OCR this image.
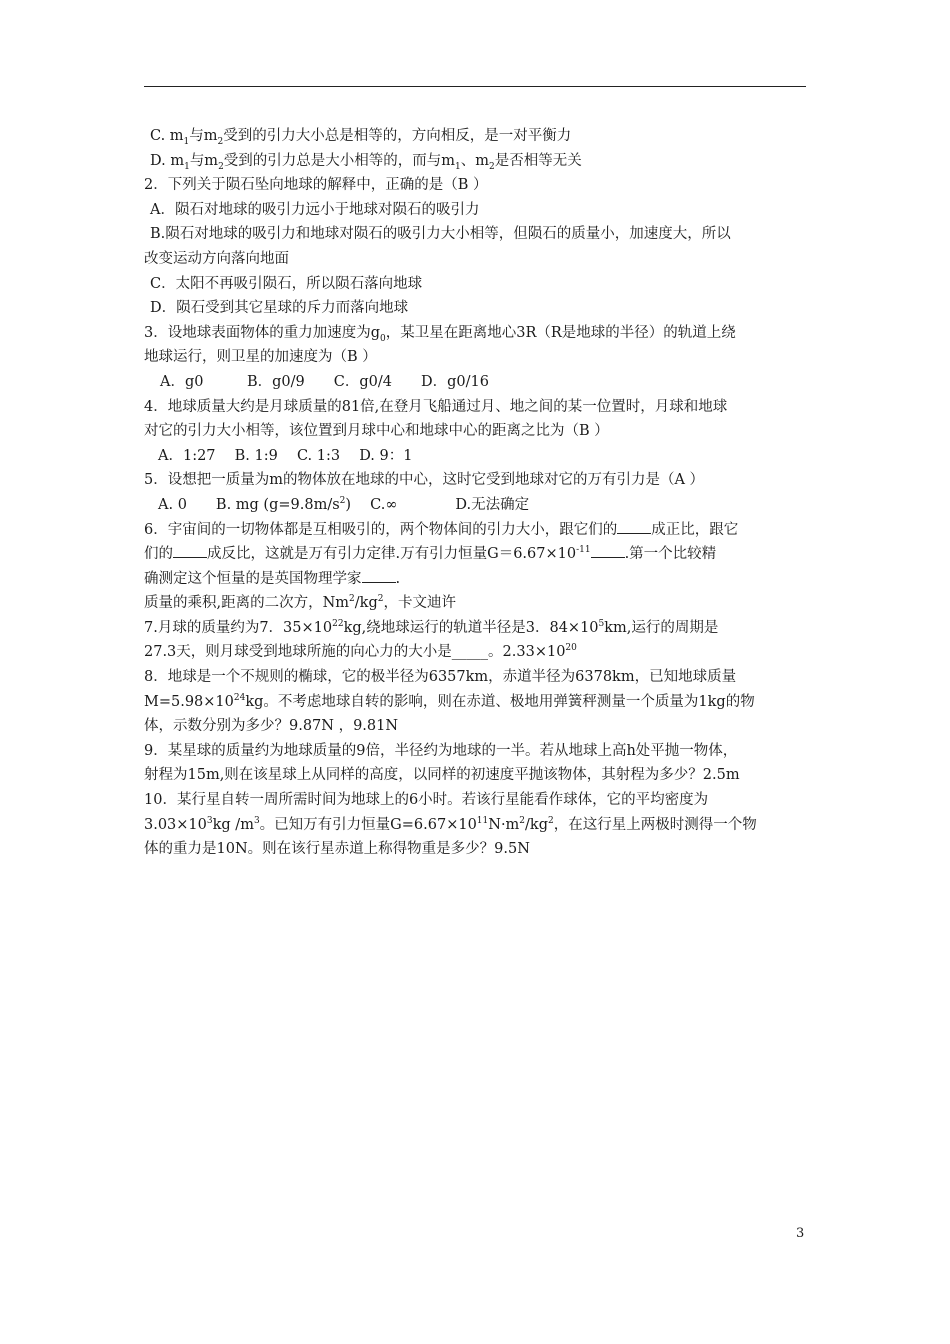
C. $m_1$与$m_2$受到的引力大小总是相等的，方向相反，是一对平衡力
D. $m_1$与$m_2$受到的引力总是大小相等的，而与$m_1$、$m_2$是否相等无关
2．下列关于陨石坠向地球的解释中，正确的是（B ）
A．陨石对地球的吸引力远小于地球对陨石的吸引力
B.陨石对地球的吸引力和地球对陨石的吸引力大小相等，但陨石的质量小，加速度大，所以
改变运动方向落向地面
C．太阳不再吸引陨石，所以陨石落向地球
D．陨石受到其它星球的斥力而落向地球
3．设地球表面物体的重力加速度为$g_0$，某卫星在距离地心3R（R是地球的半径）的轨道上绕
地球运行，则卫星的加速度为（B ）
A．g0　　　B．g0/9　　C．g0/4　　D．g0/16
4．地球质量大约是月球质量的81倍,在登月飞船通过月、地之间的某一位置时，月球和地球
对它的引力大小相等，该位置到月球中心和地球中心的距离之比为（B ）
A．1:27　 B. 1:9　 C. 1:3　 D. 9：1
5．设想把一质量为m的物体放在地球的中心，这时它受到地球对它的万有引力是（A ）
A. 0　　B. mg $(g=9.8m/s^2)$　 C.∞　　　　D.无法确定
6．宇宙间的一切物体都是互相吸引的，两个物体间的引力大小，跟它们的 成正比，跟它
们的 成反比，这就是万有引力定律.万有引力恒量$G=6.67\times 10^{-11}$ .第一个比较精
确测定这个恒量的是英国物理学家 .
质量的乘积,距离的二次方，$Nm^2/kg^2$，卡文迪许
7.月球的质量约为7．$35\times 10^{22}kg$,绕地球运行的轨道半径是3．$84\times 10^5km$,运行的周期是
27.3天，则月球受到地球所施的向心力的大小是_____。$2.33\times 10^{20}$
8．地球是一个不规则的椭球，它的极半径为6357km，赤道半径为6378km，已知地球质量
$M=5.98\times 10^{24}kg$。不考虑地球自转的影响，则在赤道、极地用弹簧秤测量一个质量为1kg的物
体，示数分别为多少？9.87N ，9.81N
9．某星球的质量约为地球质量的9倍，半径约为地球的一半。若从地球上高h处平抛一物体，
射程为15m,则在该星球上从同样的高度，以同样的初速度平抛该物体，其射程为多少？2.5m
10．某行星自转一周所需时间为地球上的6小时。若该行星能看作球体，它的平均密度为
$3.03\times 10^3kg$ $/m^3$。已知万有引力恒量$G=6.67\times 10^{11}N\cdot m^2/kg^2$，在这行星上两极时测得一个物
体的重力是10N。则在该行星赤道上称得物重是多少？9.5N
3
